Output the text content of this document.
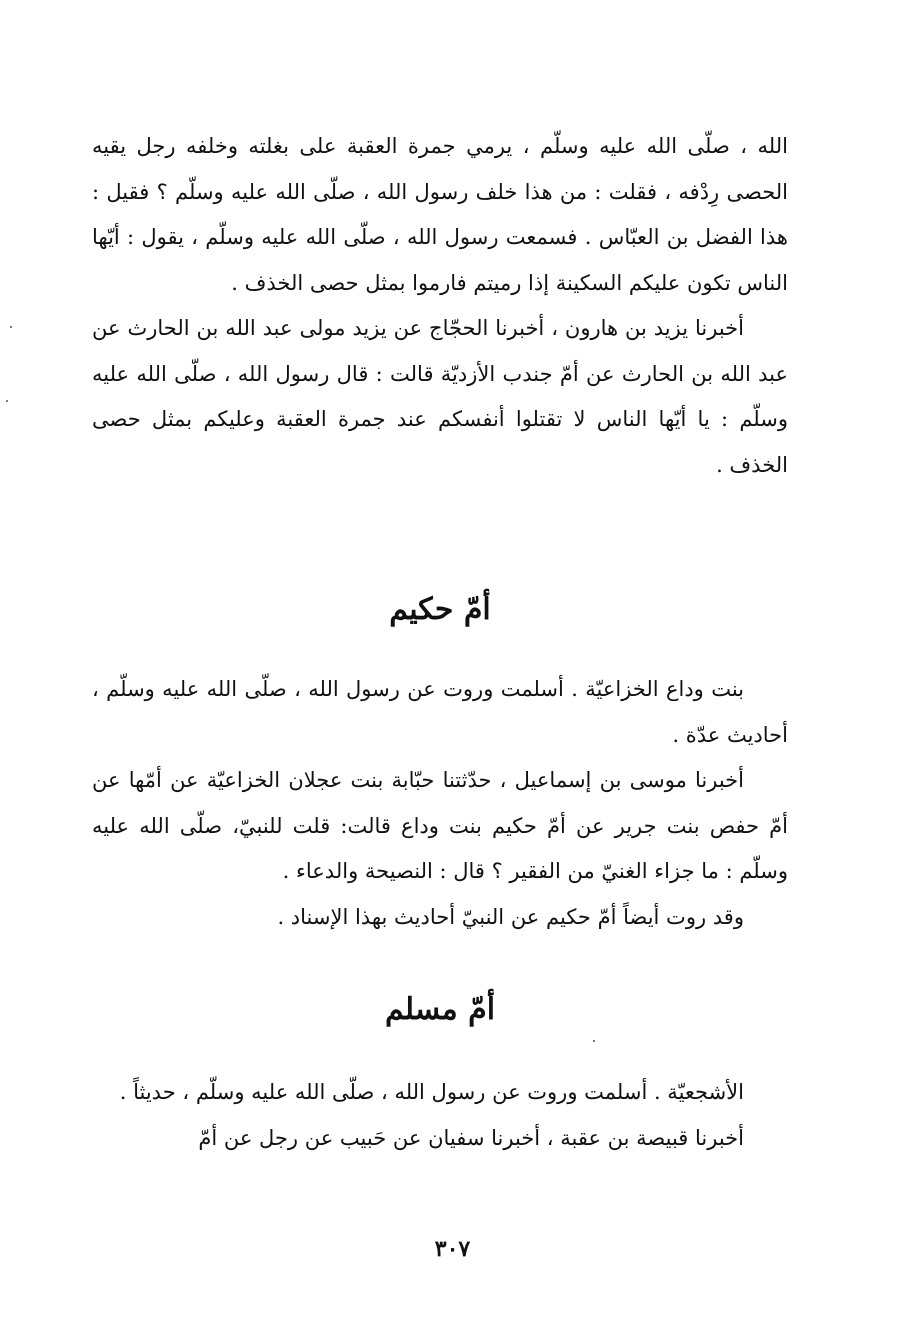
الله ، صلّى الله عليه وسلّم ، يرمي جمرة العقبة على بغلته وخلفه رجل يقيه الحصى رِدْفه ، فقلت : من هذا خلف رسول الله ، صلّى الله عليه وسلّم ؟ فقيل : هذا الفضل بن العبّاس . فسمعت رسول الله ، صلّى الله عليه وسلّم ، يقول : أيّها الناس تكون عليكم السكينة إذا رميتم فارموا بمثل حصى الخذف .

أخبرنا يزيد بن هارون ، أخبرنا الحجّاج عن يزيد مولى عبد الله بن الحارث عن عبد الله بن الحارث عن أمّ جندب الأزديّة قالت : قال رسول الله ، صلّى الله عليه وسلّم : يا أيّها الناس لا تقتلوا أنفسكم عند جمرة العقبة وعليكم بمثل حصى الخذف .

أمّ حكيم

بنت وداع الخزاعيّة . أسلمت وروت عن رسول الله ، صلّى الله عليه وسلّم ، أحاديث عدّة .

أخبرنا موسى بن إسماعيل ، حدّثتنا حبّابة بنت عجلان الخزاعيّة عن أمّها عن أمّ حفص بنت جرير عن أمّ حكيم بنت وداع قالت: قلت للنبيّ، صلّى الله عليه وسلّم : ما جزاء الغنيّ من الفقير ؟ قال : النصيحة والدعاء .

وقد روت أيضاً أمّ حكيم عن النبيّ أحاديث بهذا الإسناد .

أمّ مسلم

الأشجعيّة . أسلمت وروت عن رسول الله ، صلّى الله عليه وسلّم ، حديثاً .

أخبرنا قبيصة بن عقبة ، أخبرنا سفيان عن حَبيب عن رجل عن أمّ

٣٠٧
